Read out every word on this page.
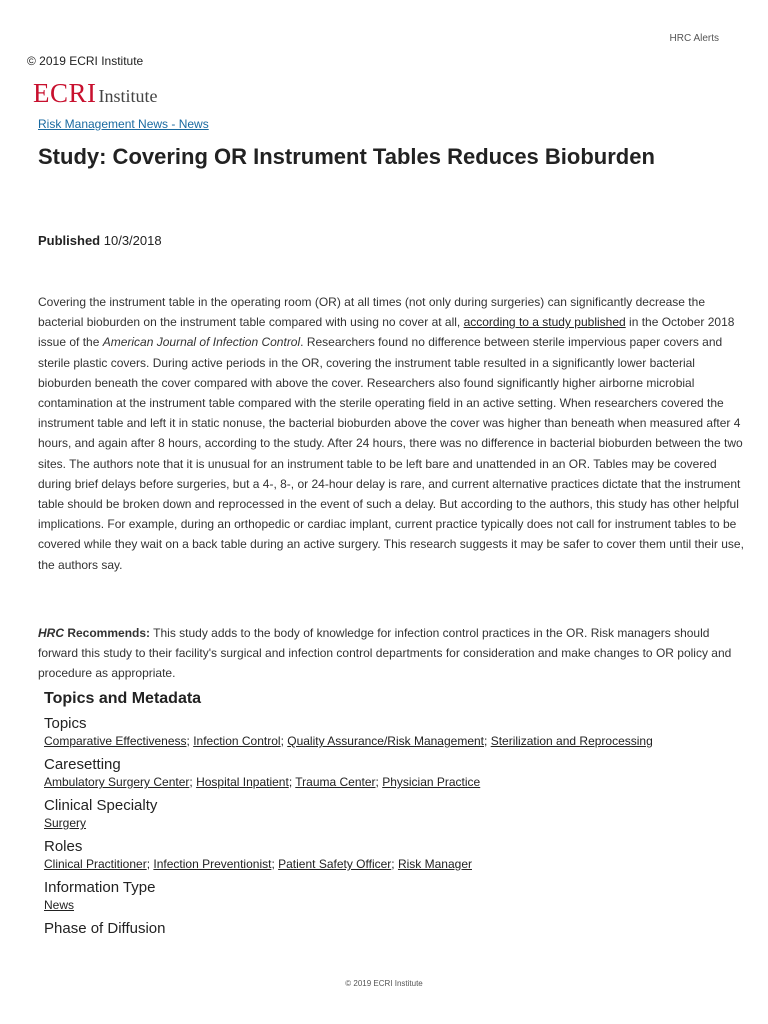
HRC Alerts
© 2019 ECRI Institute
ECRI Institute
Risk Management News - News
Study: Covering OR Instrument Tables Reduces Bioburden
Published 10/3/2018

Covering the instrument table in the operating room (OR) at all times (not only during surgeries) can significantly decrease the bacterial bioburden on the instrument table compared with using no cover at all, according to a study published in the October 2018 issue of the American Journal of Infection Control. Researchers found no difference between sterile impervious paper covers and sterile plastic covers. During active periods in the OR, covering the instrument table resulted in a significantly lower bacterial bioburden beneath the cover compared with above the cover. Researchers also found significantly higher airborne microbial contamination at the instrument table compared with the sterile operating field in an active setting. When researchers covered the instrument table and left it in static nonuse, the bacterial bioburden above the cover was higher than beneath when measured after 4 hours, and again after 8 hours, according to the study. After 24 hours, there was no difference in bacterial bioburden between the two sites. The authors note that it is unusual for an instrument table to be left bare and unattended in an OR. Tables may be covered during brief delays before surgeries, but a 4-, 8-, or 24-hour delay is rare, and current alternative practices dictate that the instrument table should be broken down and reprocessed in the event of such a delay. But according to the authors, this study has other helpful implications. For example, during an orthopedic or cardiac implant, current practice typically does not call for instrument tables to be covered while they wait on a back table during an active surgery. This research suggests it may be safer to cover them until their use, the authors say.

HRC Recommends: This study adds to the body of knowledge for infection control practices in the OR. Risk managers should forward this study to their facility's surgical and infection control departments for consideration and make changes to OR policy and procedure as appropriate.

Topics and Metadata
Topics
Comparative Effectiveness; Infection Control; Quality Assurance/Risk Management; Sterilization and Reprocessing
Caresetting
Ambulatory Surgery Center; Hospital Inpatient; Trauma Center; Physician Practice
Clinical Specialty
Surgery
Roles
Clinical Practitioner; Infection Preventionist; Patient Safety Officer; Risk Manager
Information Type
News
Phase of Diffusion
© 2019 ECRI Institute
